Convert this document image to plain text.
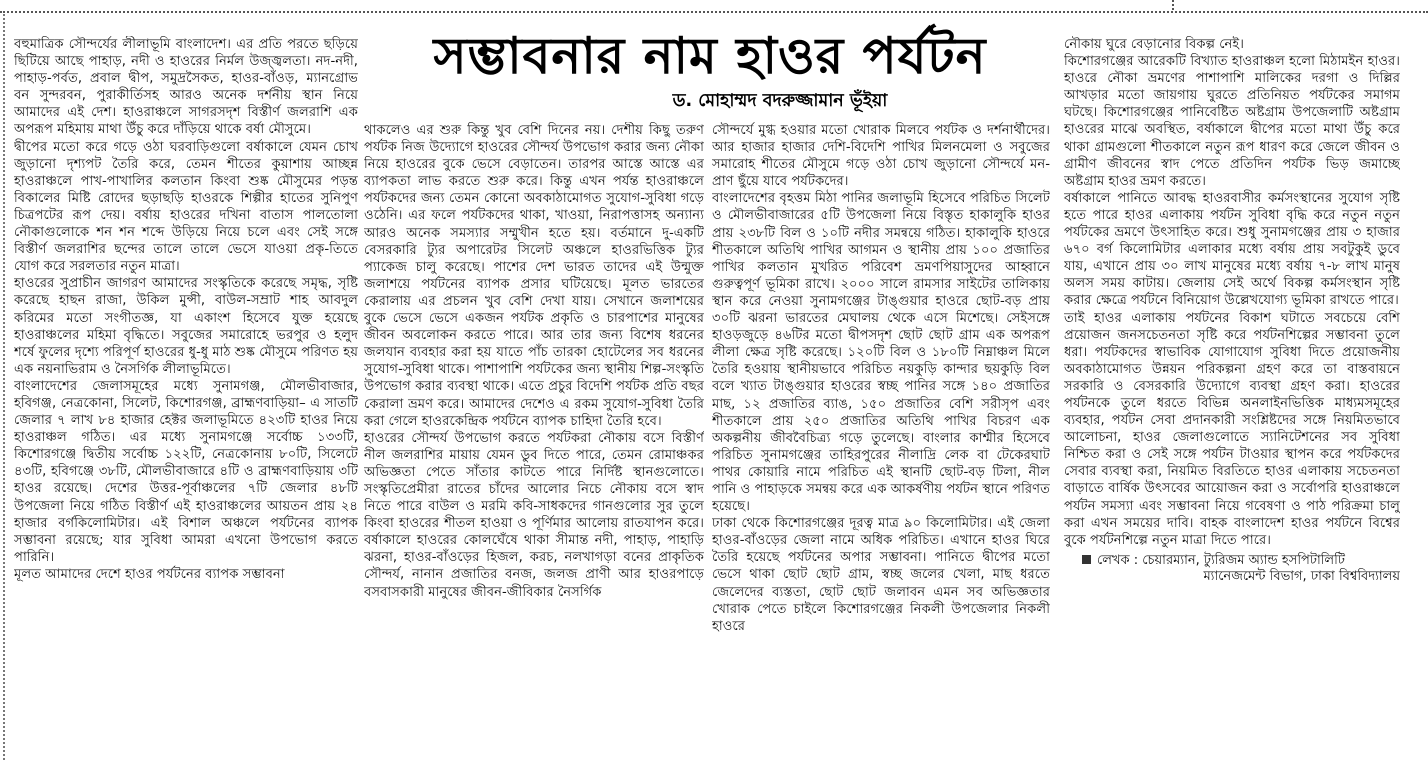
সম্ভাবনার নাম হাওর পর্যটন
ড. মোহাম্মদ বদরুজ্জামান ভূঁইয়া

বহুমাত্রিক সৌন্দর্যের লীলাভূমি বাংলাদেশ। এর প্রতি পরতে ছড়িয়ে ছিটিয়ে আছে পাহাড়, নদী ও হাওরের নির্মল উজ্জ্বলতা। নদ-নদী, পাহাড়-পর্বত, প্রবাল দ্বীপ, সমুদ্রসৈকত, হাওর-বাঁওড়, ম্যানগ্রোভ বন সুন্দরবন, পুরাকীর্তিসহ আরও অনেক দর্শনীয় স্থান নিয়ে আমাদের এই দেশ। হাওরাঞ্চলে সাগরসদৃশ বিস্তীর্ণ জলরাশি এক অপরূপ মহিমায় মাথা উঁচু করে দাঁড়িয়ে থাকে বর্ষা মৌসুমে।

দ্বীপের মতো করে গড়ে ওঠা ঘরবাড়িগুলো বর্ষাকালে যেমন চোখ জুড়ানো দৃশ্যপট তৈরি করে, তেমন শীতের কুয়াশায় আচ্ছন্ন হাওরাঞ্চলে পাখ-পাখালির কলতান কিংবা শুষ্ক মৌসুমের পড়ন্ত বিকালের মিষ্টি রোদের ছড়াছড়ি হাওরকে শিল্পীর হাতের সুনিপুণ চিত্রপটের রূপ দেয়। বর্ষায় হাওরের দখিনা বাতাস পালতোলা নৌকাগুলোকে শন শন শব্দে উড়িয়ে নিয়ে চলে এবং সেই সঙ্গে বিস্তীর্ণ জলরাশির ছন্দের তালে তালে ভেসে যাওয়া প্রকৃ-তিতে যোগ করে সরলতার নতুন মাত্রা।

হাওরের সুপ্রাচীন জাগরণ আমাদের সংস্কৃতিকে করেছে সমৃদ্ধ, সৃষ্টি করেছে হাছন রাজা, উকিল মুন্সী, বাউল-সম্রাট শাহ আবদুল করিমের মতো সংগীতজ্ঞ, যা একাংশ হিসেবে যুক্ত হয়েছে হাওরাঞ্চলের মহিমা বৃদ্ধিতে। সবুজের সমারোহে ভরপুর ও হলুদ শর্ষে ফুলের দৃশ্যে পরিপূর্ণ হাওরের ধু-ধু মাঠ শুষ্ক মৌসুমে পরিণত হয় এক নয়নাভিরাম ও নৈসর্গিক লীলাভূমিতে।

বাংলাদেশের জেলাসমূহের মধ্যে সুনামগঞ্জ, মৌলভীবাজার, হবিগঞ্জ, নেত্রকোনা, সিলেট, কিশোরগঞ্জ, ব্রাহ্মণবাড়িয়া– এ সাতটি জেলার ৭ লাখ ৮৪ হাজার হেক্টর জলাভূমিতে ৪২৩টি হাওর নিয়ে হাওরাঞ্চল গঠিত। এর মধ্যে সুনামগঞ্জে সর্বোচ্চ ১৩৩টি, কিশোরগঞ্জে দ্বিতীয় সর্বোচ্চ ১২২টি, নেত্রকোনায় ৮০টি, সিলেটে ৪৩টি, হবিগঞ্জে ৩৮টি, মৌলভীবাজারে ৪টি ও ব্রাহ্মণবাড়িয়ায় ৩টি হাওর রয়েছে। দেশের উত্তর-পূর্বাঞ্চলের ৭টি জেলার ৪৮টি উপজেলা নিয়ে গঠিত বিস্তীর্ণ এই হাওরাঞ্চলের আয়তন প্রায় ২৪ হাজার বর্গকিলোমিটার। এই বিশাল অঞ্চলে পর্যটনের ব্যাপক সম্ভাবনা রয়েছে; যার সুবিধা আমরা এখনো উপভোগ করতে পারিনি।

মূলত আমাদের দেশে হাওর পর্যটনের ব্যাপক সম্ভাবনা

থাকলেও এর শুরু কিন্তু খুব বেশি দিনের নয়। দেশীয় কিছু তরুণ পর্যটক নিজ উদ্যোগে হাওরের সৌন্দর্য উপভোগ করার জন্য নৌকা নিয়ে হাওরের বুকে ভেসে বেড়াতেন। তারপর আস্তে আস্তে এর ব্যাপকতা লাভ করতে শুরু করে। কিন্তু এখন পর্যন্ত হাওরাঞ্চলে পর্যটকদের জন্য তেমন কোনো অবকাঠামোগত সুযোগ-সুবিধা গড়ে ওঠেনি। এর ফলে পর্যটকদের থাকা, খাওয়া, নিরাপত্তাসহ অন্যান্য আরও অনেক সমস্যার সম্মুখীন হতে হয়। বর্তমানে দু-একটি বেসরকারি ট্যুর অপারেটর সিলেট অঞ্চলে হাওরভিত্তিক ট্যুর প্যাকেজ চালু করেছে। পাশের দেশ ভারত তাদের এই উন্মুক্ত জলাশয়ে পর্যটনের ব্যাপক প্রসার ঘটিয়েছে। মূলত ভারতের কেরালায় এর প্রচলন খুব বেশি দেখা যায়। সেখানে জলাশয়ের বুকে ভেসে ভেসে একজন পর্যটক প্রকৃতি ও চারপাশের মানুষের জীবন অবলোকন করতে পারে। আর তার জন্য বিশেষ ধরনের জলযান ব্যবহার করা হয় যাতে পাঁচ তারকা হোটেলের সব ধরনের সুযোগ-সুবিধা থাকে। পাশাপাশি পর্যটকের জন্য স্থানীয় শিল্প-সংস্কৃতি উপভোগ করার ব্যবস্থা থাকে। এতে প্রচুর বিদেশি পর্যটক প্রতি বছর কেরালা ভ্রমণ করে। আমাদের দেশেও এ রকম সুযোগ-সুবিধা তৈরি করা গেলে হাওরকেন্দ্রিক পর্যটনে ব্যাপক চাহিদা তৈরি হবে।

হাওরের সৌন্দর্য উপভোগ করতে পর্যটকরা নৌকায় বসে বিস্তীর্ণ নীল জলরাশির মায়ায় যেমন ডুব দিতে পারে, তেমন রোমাঞ্চকর অভিজ্ঞতা পেতে সাঁতার কাটতে পারে নির্দিষ্ট স্থানগুলোতে। সংস্কৃতিপ্রেমীরা রাতের চাঁদের আলোর নিচে নৌকায় বসে স্বাদ নিতে পারে বাউল ও মরমি কবি-সাধকদের গানগুলোর সুর তুলে কিংবা হাওরের শীতল হাওয়া ও পূর্ণিমার আলোয় রাতযাপন করে। বর্ষাকালে হাওরের কোলঘেঁষে থাকা সীমান্ত নদী, পাহাড়, পাহাড়ি ঝরনা, হাওর-বাঁওড়ের হিজল, করচ, নলখাগড়া বনের প্রাকৃতিক সৌন্দর্য, নানান প্রজাতির বনজ, জলজ প্রাণী আর হাওরপাড়ে বসবাসকারী মানুষের জীবন-জীবিকার নৈসর্গিক

সৌন্দর্যে মুগ্ধ হওয়ার মতো খোরাক মিলবে পর্যটক ও দর্শনার্থীদের। আর হাজার হাজার দেশি-বিদেশি পাখির মিলনমেলা ও সবুজের সমারোহ শীতের মৌসুমে গড়ে ওঠা চোখ জুড়ানো সৌন্দর্যে মন-প্রাণ ছুঁয়ে যাবে পর্যটকদের।

বাংলাদেশের বৃহত্তম মিঠা পানির জলাভূমি হিসেবে পরিচিত সিলেট ও মৌলভীবাজারের ৫টি উপজেলা নিয়ে বিস্তৃত হাকালুকি হাওর প্রায় ২৩৮টি বিল ও ১০টি নদীর সমন্বয়ে গঠিত। হাকালুকি হাওরে শীতকালে অতিথি পাখির আগমন ও স্থানীয় প্রায় ১০০ প্রজাতির পাখির কলতান মুখরিত পরিবেশ ভ্রমণপিয়াসুদের আহ্বানে গুরুত্বপূর্ণ ভূমিকা রাখে। ২০০০ সালে রামসার সাইটের তালিকায় স্থান করে নেওয়া সুনামগঞ্জের টাঙ্গুয়ার হাওরে ছোট-বড় প্রায় ৩০টি ঝরনা ভারতের মেঘালয় থেকে এসে মিশেছে। সেইসঙ্গে হাওড়জুড়ে ৪৬টির মতো দ্বীপসদৃশ ছোট ছোট গ্রাম এক অপরূপ লীলা ক্ষেত্র সৃষ্টি করেছে। ১২০টি বিল ও ১৮০টি নিম্নাঞ্চল মিলে তৈরি হওয়ায় স্থানীয়ভাবে পরিচিত নয়কুড়ি কান্দার ছয়কুড়ি বিল বলে খ্যাত টাঙ্গুয়ার হাওরের স্বচ্ছ পানির সঙ্গে ১৪০ প্রজাতির মাছ, ১২ প্রজাতির ব্যাঙ, ১৫০ প্রজাতির বেশি সরীসৃপ এবং শীতকালে প্রায় ২৫০ প্রজাতির অতিথি পাখির বিচরণ এক অকল্পনীয় জীববৈচিত্র্য গড়ে তুলেছে। বাংলার কাশ্মীর হিসেবে পরিচিত সুনামগঞ্জের তাহিরপুরের নীলাদ্রি লেক বা টেকেরঘাট পাথর কোয়ারি নামে পরিচিত এই স্থানটি ছোট-বড় টিলা, নীল পানি ও পাহাড়কে সমন্বয় করে এক আকর্ষণীয় পর্যটন স্থানে পরিণত হয়েছে।

ঢাকা থেকে কিশোরগঞ্জের দূরত্ব মাত্র ৯০ কিলোমিটার। এই জেলা হাওর-বাঁওড়ের জেলা নামে অধিক পরিচিত। এখানে হাওর ঘিরে তৈরি হয়েছে পর্যটনের অপার সম্ভাবনা। পানিতে দ্বীপের মতো ভেসে থাকা ছোট ছোট গ্রাম, স্বচ্ছ জলের খেলা, মাছ ধরতে জেলেদের ব্যস্ততা, ছোট ছোট জলাবন এমন সব অভিজ্ঞতার খোরাক পেতে চাইলে কিশোরগঞ্জের নিকলী উপজেলার নিকলী হাওরে

নৌকায় ঘুরে বেড়ানোর বিকল্প নেই।

কিশোরগঞ্জের আরেকটি বিখ্যাত হাওরাঞ্চল হলো মিঠামইন হাওর। হাওরে নৌকা ভ্রমণের পাশাপাশি মালিকের দরগা ও দিল্লির আখড়ার মতো জায়গায় ঘুরতে প্রতিনিয়ত পর্যটকের সমাগম ঘটছে। কিশোরগঞ্জের পানিবেষ্টিত অষ্টগ্রাম উপজেলাটি অষ্টগ্রাম হাওরের মাঝে অবস্থিত, বর্ষাকালে দ্বীপের মতো মাথা উঁচু করে থাকা গ্রামগুলো শীতকালে নতুন রূপ ধারণ করে জেলে জীবন ও গ্রামীণ জীবনের স্বাদ পেতে প্রতিদিন পর্যটক ভিড় জমাচ্ছে অষ্টগ্রাম হাওর ভ্রমণ করতে।

বর্ষাকালে পানিতে আবদ্ধ হাওরবাসীর কর্মসংস্থানের সুযোগ সৃষ্টি হতে পারে হাওর এলাকায় পর্যটন সুবিধা বৃদ্ধি করে নতুন নতুন পর্যটকের ভ্রমণে উৎসাহিত করে। শুধু সুনামগঞ্জের প্রায় ৩ হাজার ৬৭০ বর্গ কিলোমিটার এলাকার মধ্যে বর্ষায় প্রায় সবটুকুই ডুবে যায়, এখানে প্রায় ৩০ লাখ মানুষের মধ্যে বর্ষায় ৭-৮ লাখ মানুষ অলস সময় কাটায়। জেলায় সেই অর্থে বিকল্প কর্মসংস্থান সৃষ্টি করার ক্ষেত্রে পর্যটনে বিনিয়োগ উল্লেখযোগ্য ভূমিকা রাখতে পারে।

তাই হাওর এলাকায় পর্যটনের বিকাশ ঘটাতে সবচেয়ে বেশি প্রয়োজন জনসচেতনতা সৃষ্টি করে পর্যটনশিল্পের সম্ভাবনা তুলে ধরা। পর্যটকদের স্বাভাবিক যোগাযোগ সুবিধা দিতে প্রয়োজনীয় অবকাঠামোগত উন্নয়ন পরিকল্পনা গ্রহণ করে তা বাস্তবায়নে সরকারি ও বেসরকারি উদ্যোগে ব্যবস্থা গ্রহণ করা। হাওরের পর্যটনকে তুলে ধরতে বিভিন্ন অনলাইনভিত্তিক মাধ্যমসমূহের ব্যবহার, পর্যটন সেবা প্রদানকারী সংশ্লিষ্টদের সঙ্গে নিয়মিতভাবে আলোচনা, হাওর জেলাগুলোতে স্যানিটেশনের সব সুবিধা নিশ্চিত করা ও সেই সঙ্গে পর্যটন টাওয়ার স্থাপন করে পর্যটকদের সেবার ব্যবস্থা করা, নিয়মিত বিরতিতে হাওর এলাকায় সচেতনতা বাড়াতে বার্ষিক উৎসবের আয়োজন করা ও সর্বোপরি হাওরাঞ্চলে পর্যটন সমস্যা এবং সম্ভাবনা নিয়ে গবেষণা ও পাঠ পরিক্রমা চালু করা এখন সময়ের দাবি। বাহক বাংলাদেশ হাওর পর্যটনে বিশ্বের বুকে পর্যটনশিল্পে নতুন মাত্রা দিতে পারে।

লেখক : চেয়ারম্যান, ট্যুরিজম অ্যান্ড হসপিটালিটি
ম্যানেজমেন্ট বিভাগ, ঢাকা বিশ্ববিদ্যালয়
